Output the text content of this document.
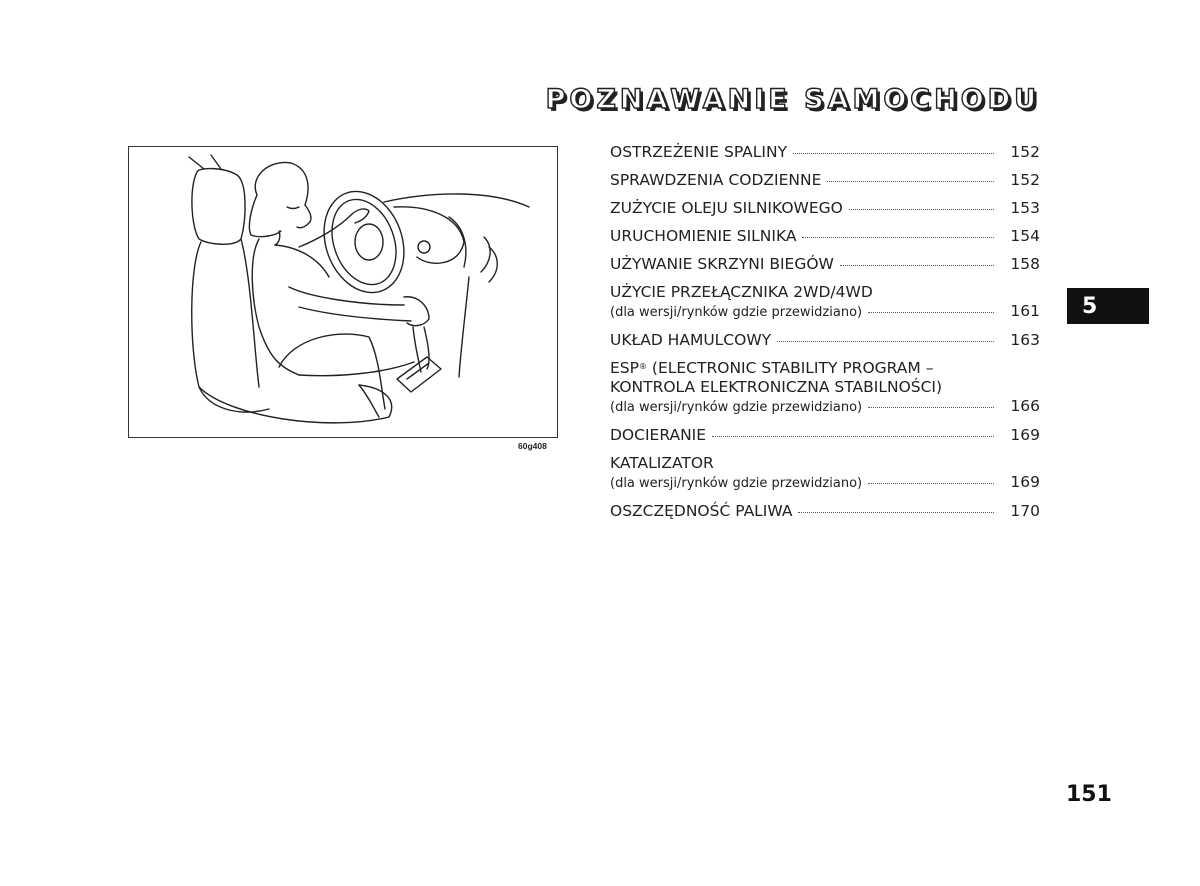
POZNAWANIE SAMOCHODU
60g408
OSTRZEŻENIE SPALINY	152
SPRAWDZENIA CODZIENNE	152
ZUŻYCIE OLEJU SILNIKOWEGO	153
URUCHOMIENIE SILNIKA	154
UŻYWANIE SKRZYNI BIEGÓW	158
UŻYCIE PRZEŁĄCZNIKA 2WD/4WD
(dla wersji/rynków gdzie przewidziano)	161
UKŁAD HAMULCOWY	163
ESP® (ELECTRONIC STABILITY PROGRAM –
KONTROLA ELEKTRONICZNA STABILNOŚCI)
(dla wersji/rynków gdzie przewidziano)	166
DOCIERANIE	169
KATALIZATOR
(dla wersji/rynków gdzie przewidziano)	169
OSZCZĘDNOŚĆ PALIWA	170
5
151
